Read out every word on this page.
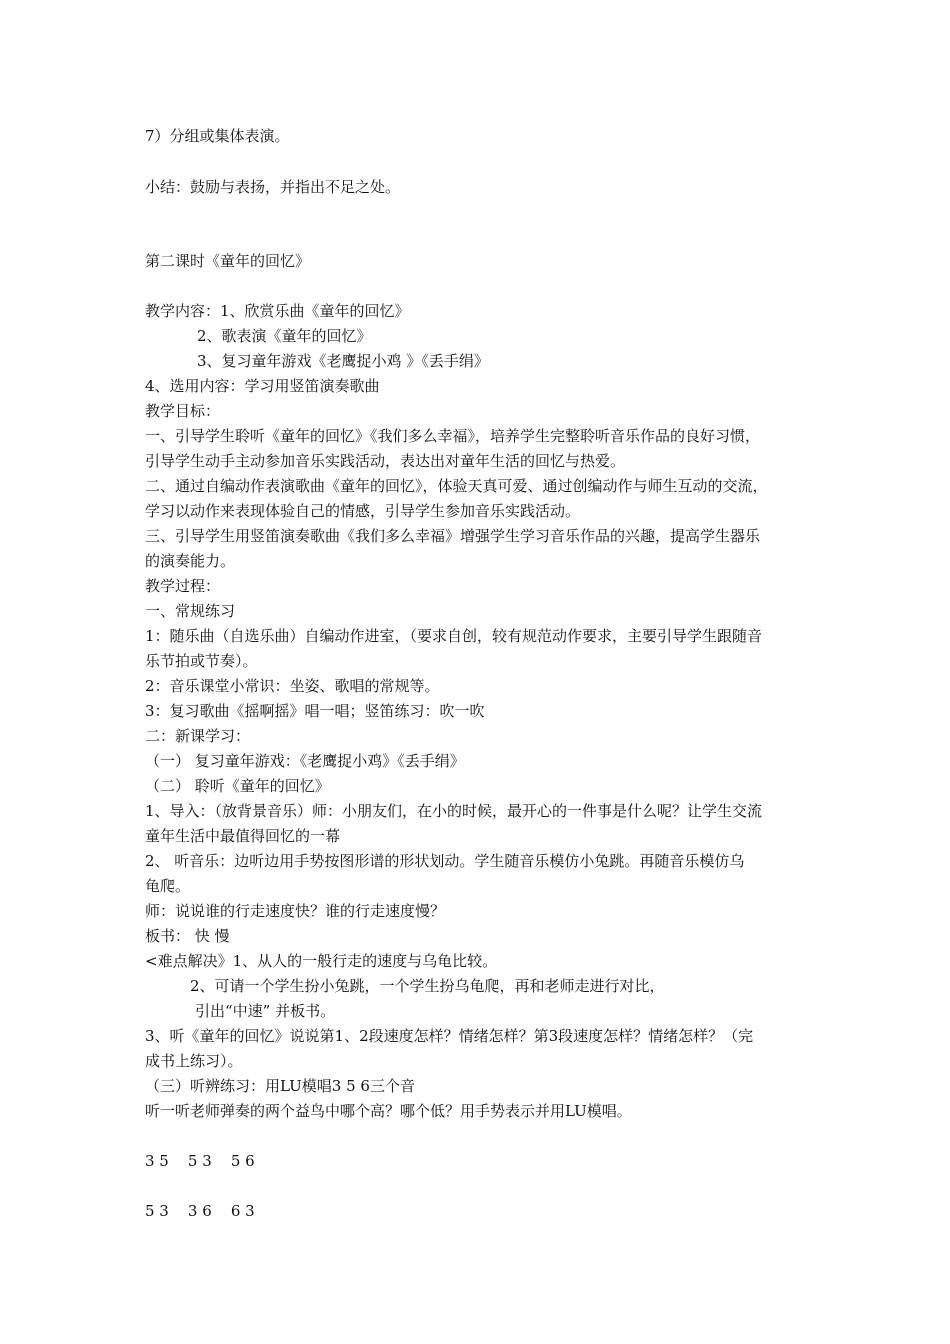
7）分组或集体表演。
小结：鼓励与表扬，并指出不足之处。
第二课时《童年的回忆》
教学内容：1、欣赏乐曲《童年的回忆》
2、歌表演《童年的回忆》
3、复习童年游戏《老鹰捉小鸡 》《丢手绢》
4、选用内容：学习用竖笛演奏歌曲
教学目标：
一、引导学生聆听《童年的回忆》《我们多么幸福》，培养学生完整聆听音乐作品的良好习惯，
引导学生动手主动参加音乐实践活动，表达出对童年生活的回忆与热爱。
二、通过自编动作表演歌曲《童年的回忆》，体验天真可爱、通过创编动作与师生互动的交流，
学习以动作来表现体验自己的情感，引导学生参加音乐实践活动。
三、引导学生用竖笛演奏歌曲《我们多么幸福》增强学生学习音乐作品的兴趣，提高学生器乐
的演奏能力。
教学过程：
一、常规练习
1：随乐曲（自选乐曲）自编动作进室，（要求自创，较有规范动作要求，主要引导学生跟随音
乐节拍或节奏）。
2：音乐课堂小常识：坐姿、歌唱的常规等。
3：复习歌曲《摇啊摇》唱一唱；竖笛练习：吹一吹
二：新课学习：
（一） 复习童年游戏：《老鹰捉小鸡》《丢手绢》
（二） 聆听《童年的回忆》
1、导入：（放背景音乐）师：小朋友们，在小的时候，最开心的一件事是什么呢？让学生交流
童年生活中最值得回忆的一幕
2、 听音乐：边听边用手势按图形谱的形状划动。学生随音乐模仿小兔跳。再随音乐模仿乌
龟爬。
师：说说谁的行走速度快？谁的行走速度慢？
板书： 快 慢
<难点解决》1、从人的一般行走的速度与乌龟比较。
2、可请一个学生扮小兔跳，一个学生扮乌龟爬，再和老师走进行对比，
引出“中速” 并板书。
3、听《童年的回忆》说说第1、2段速度怎样？情绪怎样？第3段速度怎样？情绪怎样？（完
成书上练习）。
（三）听辨练习：用LU模唱3 5 6三个音
听一听老师弹奏的两个益鸟中哪个高？哪个低？用手势表示并用LU模唱。
3 5    5 3    5 6
5 3    3 6    6 3
